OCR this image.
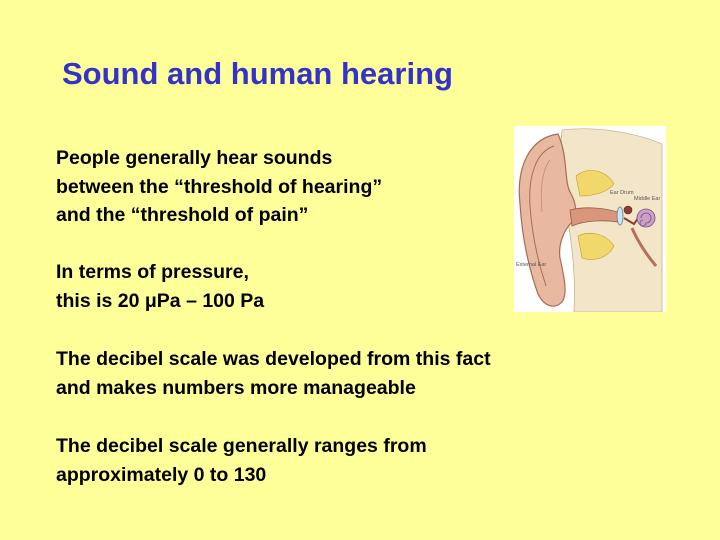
Sound and human hearing
People generally hear sounds
between the “threshold of hearing”
and the “threshold of pain”
In terms of pressure,
this is 20 μPa – 100 Pa
The decibel scale was developed from this fact
and makes numbers more manageable
The decibel scale generally ranges from
approximately 0 to 130
Ear Drum
Middle Ear
External Ear
